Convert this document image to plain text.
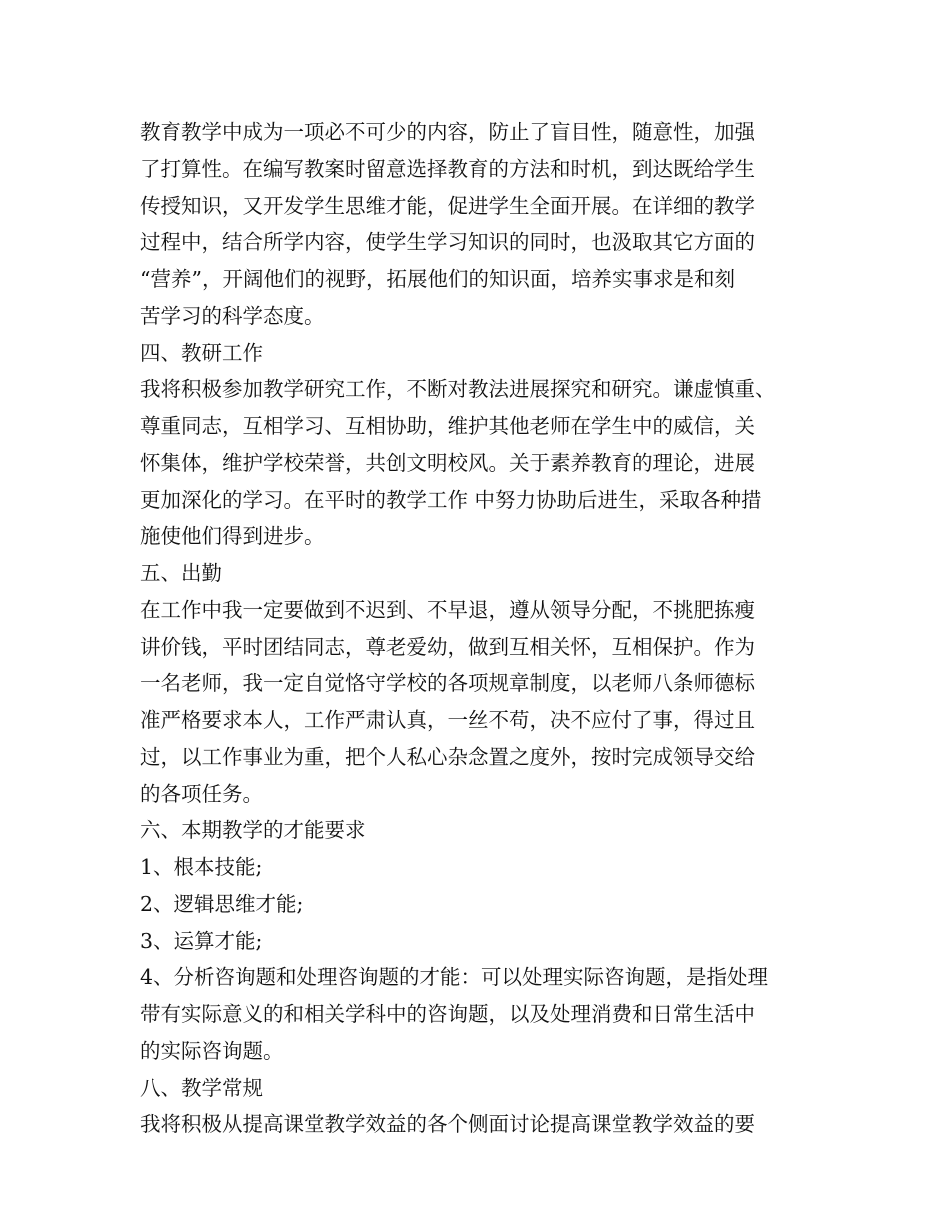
教育教学中成为一项必不可少的内容，防止了盲目性，随意性，加强
了打算性。在编写教案时留意选择教育的方法和时机，到达既给学生
传授知识，又开发学生思维才能，促进学生全面开展。在详细的教学
过程中，结合所学内容，使学生学习知识的同时，也汲取其它方面的
“营养”，开阔他们的视野，拓展他们的知识面，培养实事求是和刻
苦学习的科学态度。
四、教研工作
我将积极参加教学研究工作，不断对教法进展探究和研究。谦虚慎重、
尊重同志，互相学习、互相协助，维护其他老师在学生中的威信，关
怀集体，维护学校荣誉，共创文明校风。关于素养教育的理论，进展
更加深化的学习。在平时的教学工作 中努力协助后进生，采取各种措
施使他们得到进步。
五、出勤
在工作中我一定要做到不迟到、不早退，遵从领导分配，不挑肥拣瘦
讲价钱，平时团结同志，尊老爱幼，做到互相关怀，互相保护。作为
一名老师，我一定自觉恪守学校的各项规章制度，以老师八条师德标
准严格要求本人，工作严肃认真，一丝不苟，决不应付了事，得过且
过，以工作事业为重，把个人私心杂念置之度外，按时完成领导交给
的各项任务。
六、本期教学的才能要求
1、根本技能;
2、逻辑思维才能;
3、运算才能;
4、分析咨询题和处理咨询题的才能：可以处理实际咨询题，是指处理
带有实际意义的和相关学科中的咨询题，以及处理消费和日常生活中
的实际咨询题。
八、教学常规
我将积极从提高课堂教学效益的各个侧面讨论提高课堂教学效益的要
